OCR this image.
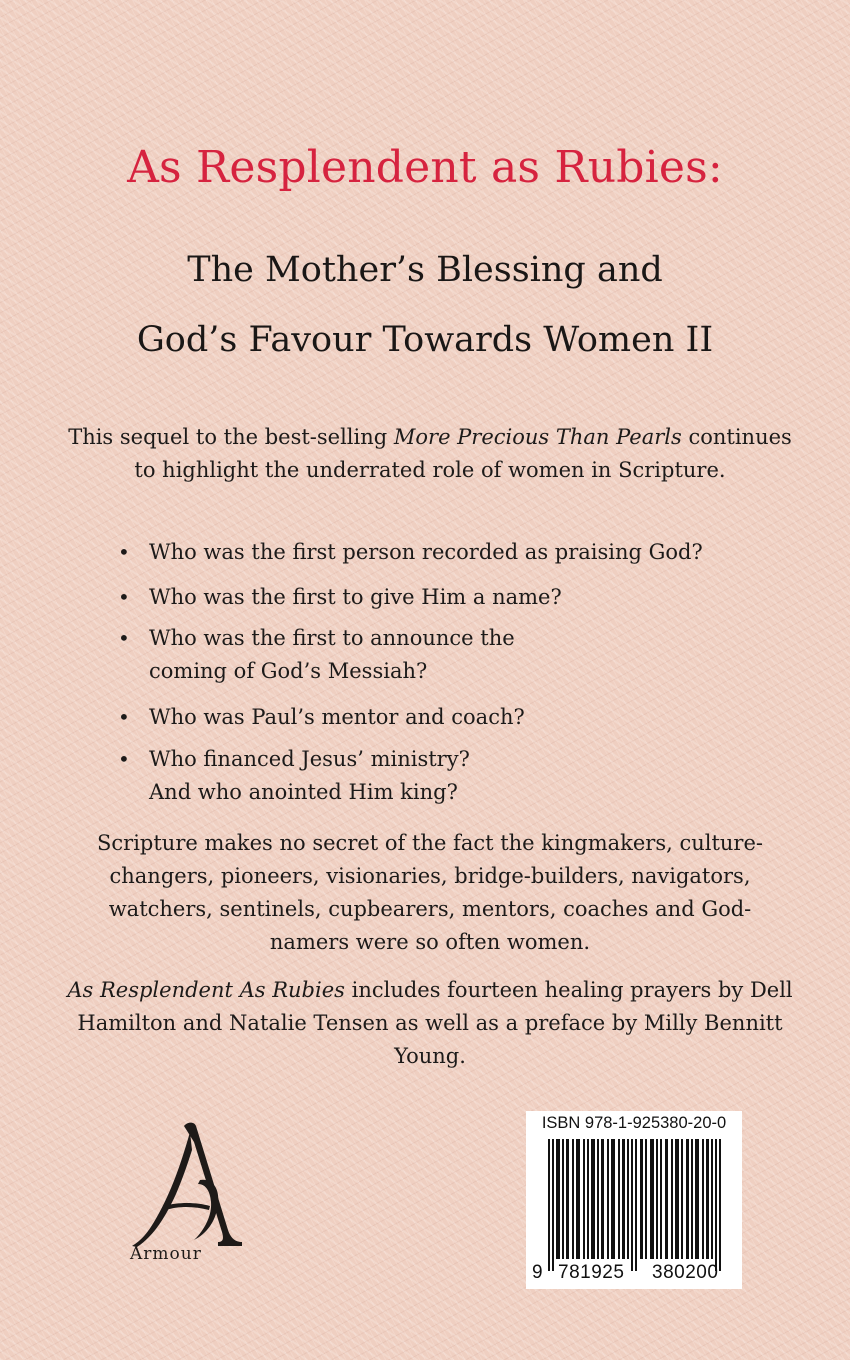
As Resplendent as Rubies:
The Mother’s Blessing and
God’s Favour Towards Women II

This sequel to the best-selling More Precious Than Pearls continues to highlight the underrated role of women in Scripture.

• Who was the first person recorded as praising God?
• Who was the first to give Him a name?
• Who was the first to announce the
coming of God’s Messiah?
• Who was Paul’s mentor and coach?
• Who financed Jesus’ ministry?
And who anointed Him king?

Scripture makes no secret of the fact the kingmakers, culture-
changers, pioneers, visionaries, bridge-builders, navigators,
watchers, sentinels, cupbearers, mentors, coaches and God-
namers were so often women.

As Resplendent As Rubies includes fourteen healing prayers by Dell Hamilton and Natalie Tensen as well as a preface by Milly Bennitt Young.

Armour
ISBN 978-1-925380-20-0
9 781925 380200
